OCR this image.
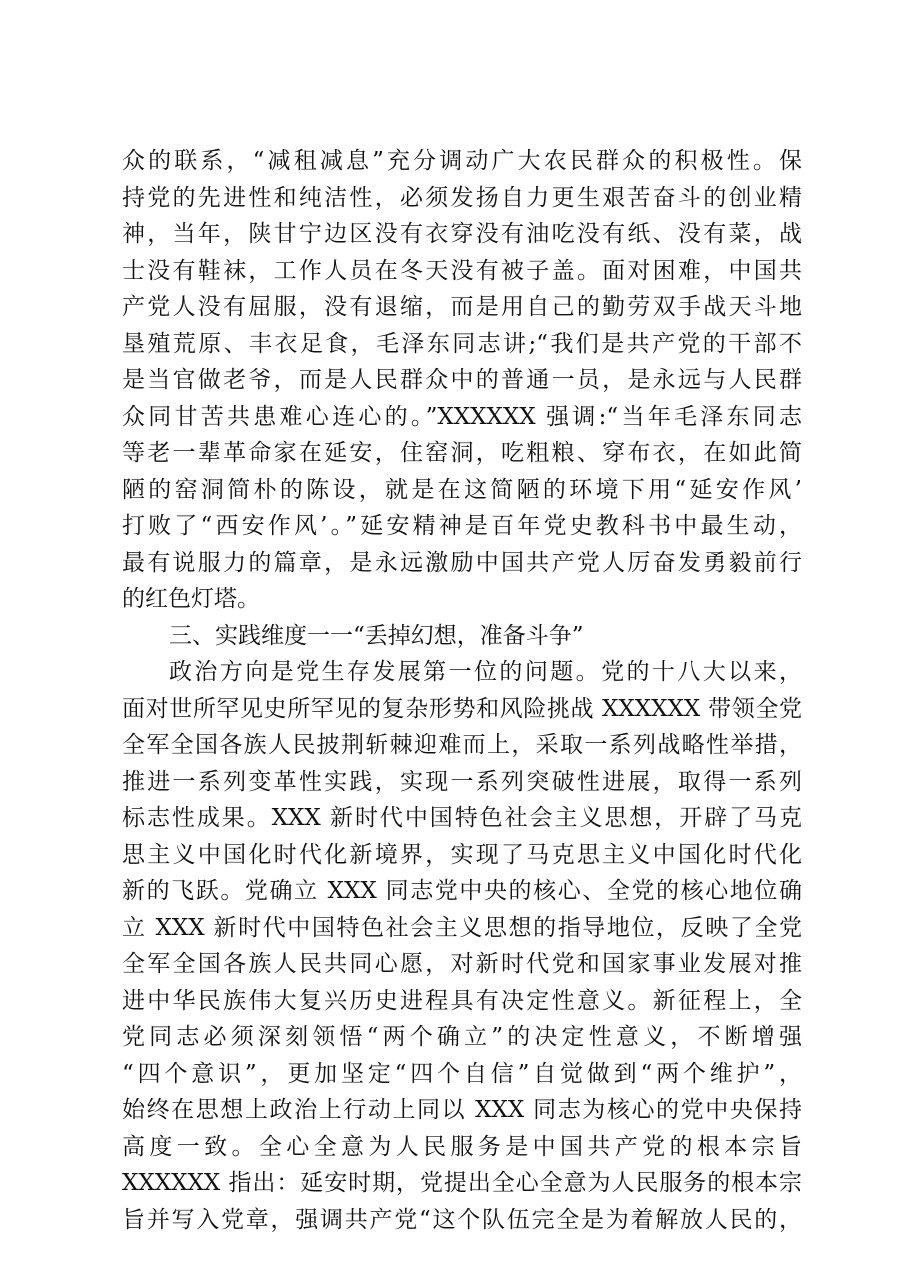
众的联系，“减租减息”充分调动广大农民群众的积极性。保
持党的先进性和纯洁性，必须发扬自力更生艰苦奋斗的创业精
神，当年，陕甘宁边区没有衣穿没有油吃没有纸、没有菜，战
士没有鞋袜，工作人员在冬天没有被子盖。面对困难，中国共
产党人没有屈服，没有退缩，而是用自己的勤劳双手战天斗地
垦殖荒原、丰衣足食，毛泽东同志讲;“我们是共产党的干部不
是当官做老爷，而是人民群众中的普通一员，是永远与人民群
众同甘苦共患难心连心的。”XXXXXX 强调:“当年毛泽东同志
等老一辈革命家在延安，住窑洞，吃粗粮、穿布衣，在如此简
陋的窑洞简朴的陈设，就是在这简陋的环境下用“延安作风’
打败了“西安作风’。”延安精神是百年党史教科书中最生动，
最有说服力的篇章，是永远激励中国共产党人厉奋发勇毅前行
的红色灯塔。
三、实践维度一一“丢掉幻想，准备斗争”
政治方向是党生存发展第一位的问题。党的十八大以来，
面对世所罕见史所罕见的复杂形势和风险挑战 XXXXXX 带领全党
全军全国各族人民披荆斩棘迎难而上，采取一系列战略性举措，
推进一系列变革性实践，实现一系列突破性进展，取得一系列
标志性成果。XXX 新时代中国特色社会主义思想，开辟了马克
思主义中国化时代化新境界，实现了马克思主义中国化时代化
新的飞跃。党确立 XXX 同志党中央的核心、全党的核心地位确
立 XXX 新时代中国特色社会主义思想的指导地位，反映了全党
全军全国各族人民共同心愿，对新时代党和国家事业发展对推
进中华民族伟大复兴历史进程具有决定性意义。新征程上，全
党同志必须深刻领悟“两个确立”的决定性意义，不断增强
“四个意识”，更加坚定“四个自信”自觉做到“两个维护”，
始终在思想上政治上行动上同以 XXX 同志为核心的党中央保持
高度一致。全心全意为人民服务是中国共产党的根本宗旨
XXXXXX 指出：延安时期，党提出全心全意为人民服务的根本宗
旨并写入党章，强调共产党“这个队伍完全是为着解放人民的，
